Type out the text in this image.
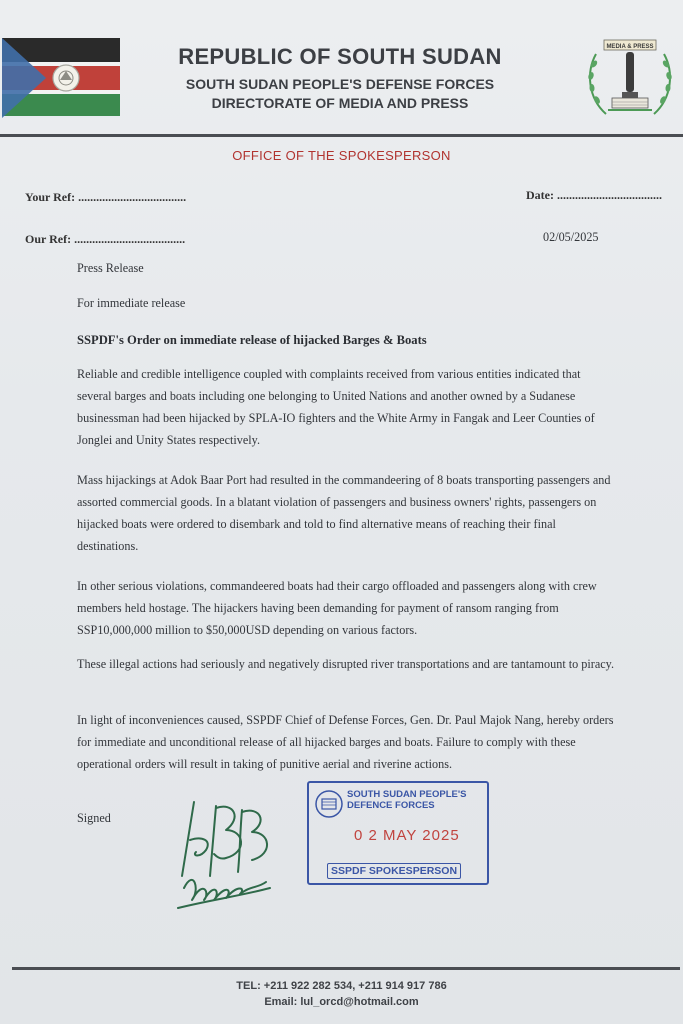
REPUBLIC OF SOUTH SUDAN
SOUTH SUDAN PEOPLE'S DEFENSE FORCES
DIRECTORATE OF MEDIA AND PRESS
MEDIA & PRESS
OFFICE OF THE SPOKESPERSON
Your Ref: ....................................	Date: ...................................
Our Ref: .....................................	02/05/2025
Press Release
For immediate release
SSPDF's Order on immediate release of hijacked Barges & Boats
Reliable and credible intelligence coupled with complaints received from various entities indicated that several barges and boats including one belonging to United Nations and another owned by a Sudanese businessman had been hijacked by SPLA-IO fighters and the White Army in Fangak and Leer Counties of Jonglei and Unity States respectively.
Mass hijackings at Adok Baar Port had resulted in the commandeering of 8 boats transporting passengers and assorted commercial goods. In a blatant violation of passengers and business owners' rights, passengers on hijacked boats were ordered to disembark and told to find alternative means of reaching their final destinations.
In other serious violations, commandeered boats had their cargo offloaded and passengers along with crew members held hostage. The hijackers having been demanding for payment of ransom ranging from SSP10,000,000 million to $50,000USD depending on various factors.
These illegal actions had seriously and negatively disrupted river transportations and are tantamount to piracy.
In light of inconveniences caused, SSPDF Chief of Defense Forces, Gen. Dr. Paul Majok Nang, hereby orders for immediate and unconditional release of all hijacked barges and boats. Failure to comply with these operational orders will result in taking of punitive aerial and riverine actions.
Signed
SOUTH SUDAN PEOPLE'S
DEFENCE FORCES
0 2 MAY 2025
SSPDF SPOKESPERSON
TEL: +211 922 282 534, +211 914 917 786
Email: lul_orcd@hotmail.com
